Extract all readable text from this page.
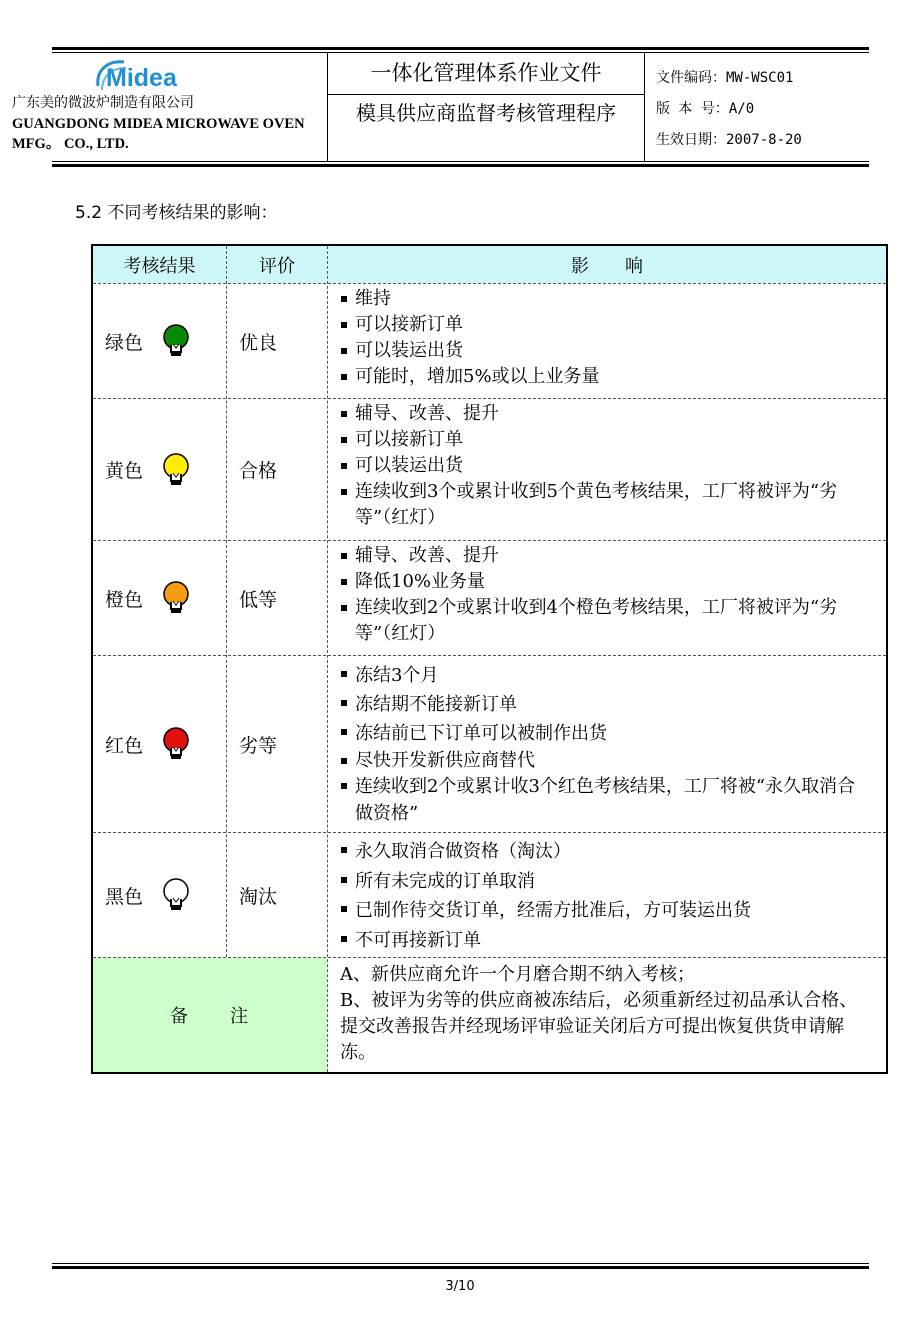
Midea
广东美的微波炉制造有限公司
GUANGDONG MIDEA MICROWAVE OVEN MFG。 CO., LTD.
一体化管理体系作业文件
模具供应商监督考核管理程序
文件编码：MW-WSC01
版 本 号：A/0
生效日期：2007-8-20
5.2 不同考核结果的影响：
考核结果	评价	影　　响
绿色	优良
维持
可以接新订单
可以装运出货
可能时，增加5%或以上业务量
黄色	合格
辅导、改善、提升
可以接新订单
可以装运出货
连续收到3个或累计收到5个黄色考核结果，工厂将被评为“劣等”（红灯）
橙色	低等
辅导、改善、提升
降低10%业务量
连续收到2个或累计收到4个橙色考核结果，工厂将被评为“劣等”（红灯）
红色	劣等
冻结3个月
冻结期不能接新订单
冻结前已下订单可以被制作出货
尽快开发新供应商替代
连续收到2个或累计收3个红色考核结果，工厂将被“永久取消合做资格”
黑色	淘汰
永久取消合做资格（淘汰）
所有未完成的订单取消
已制作待交货订单，经需方批准后，方可装运出货
不可再接新订单
备　　注
A、新供应商允许一个月磨合期不纳入考核；
B、被评为劣等的供应商被冻结后，必须重新经过初品承认合格、提交改善报告并经现场评审验证关闭后方可提出恢复供货申请解冻。
3/10
